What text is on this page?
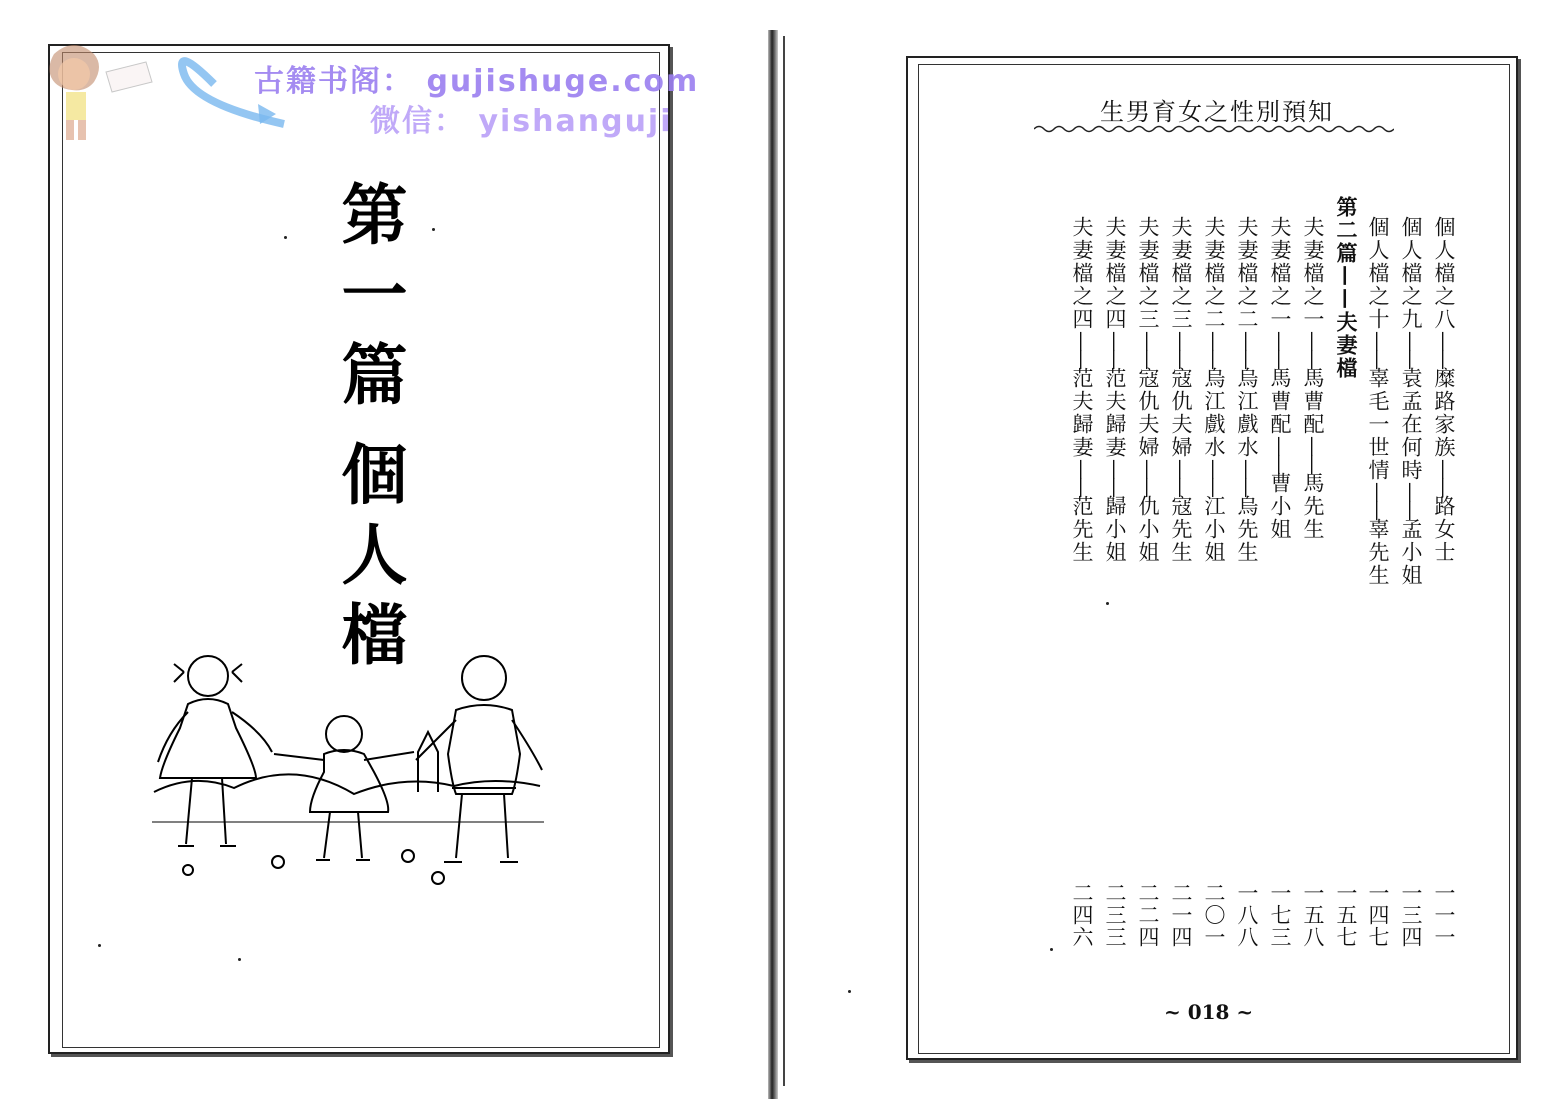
古籍书阁： gujishuge.com
微信： yishanguji
第一篇
個人檔
生男育女之性別預知
個人檔之八——糜路家族——路女士
個人檔之九——袁孟在何時——孟小姐
個人檔之十——辜毛一世情——辜先生
第二篇——夫妻檔
夫妻檔之一——馬曹配——馬先生
夫妻檔之一——馬曹配——曹小姐
夫妻檔之二——烏江戲水——烏先生
夫妻檔之二——烏江戲水——江小姐
夫妻檔之三——寇仇夫婦——寇先生
夫妻檔之三——寇仇夫婦——仇小姐
夫妻檔之四——范夫歸妻——歸小姐
夫妻檔之四——范夫歸妻——范先生
一一一
一三四
一四七
一五七
一五八
一七三
一八八
二〇一
二一四
二二四
二三三
二四六
~ 018 ~
